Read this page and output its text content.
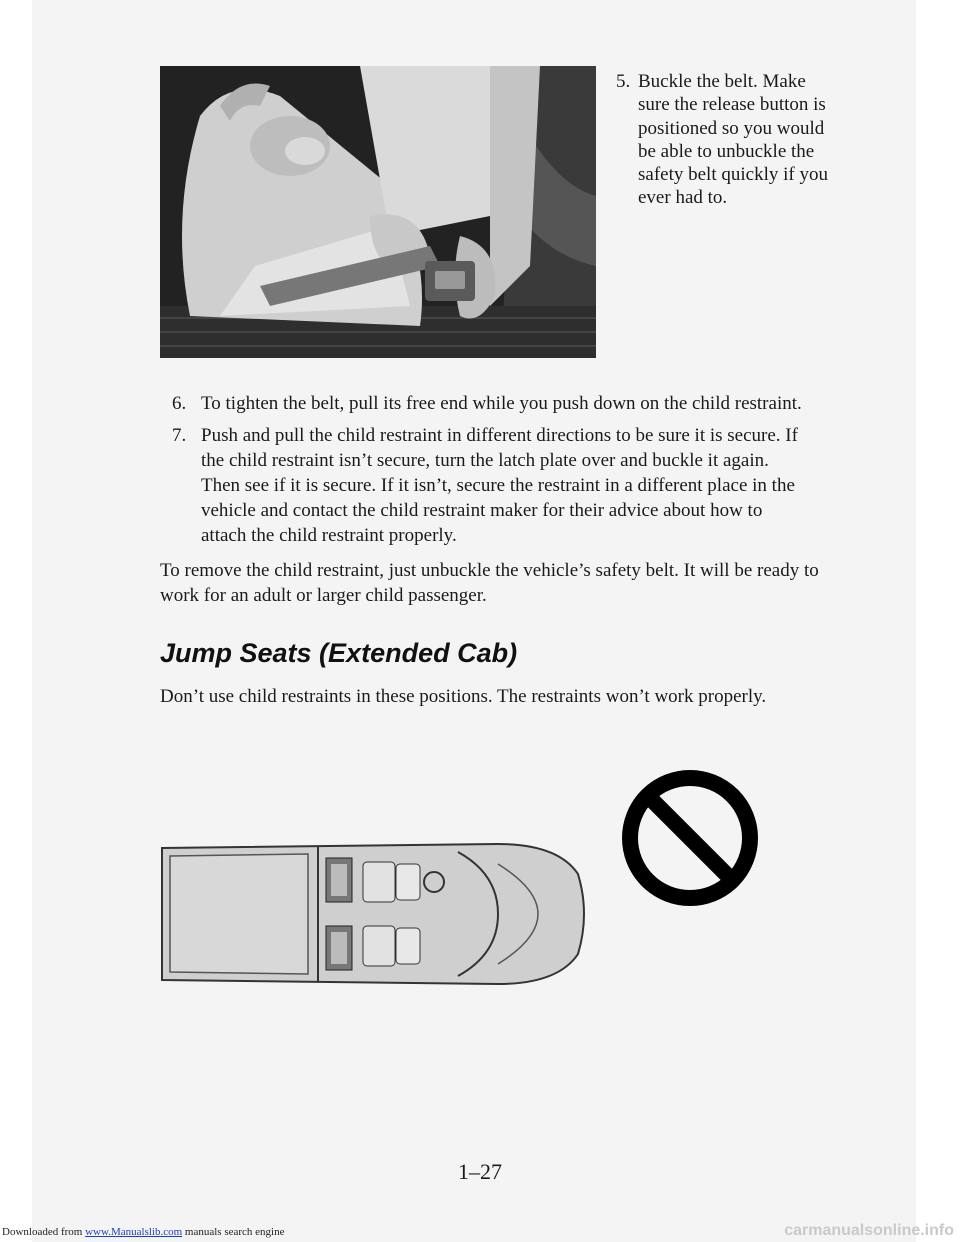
5. Buckle the belt. Make sure the release button is positioned so you would be able to unbuckle the safety belt quickly if you ever had to.
6. To tighten the belt, pull its free end while you push down on the child restraint.
7. Push and pull the child restraint in different directions to be sure it is secure. If the child restraint isn’t secure, turn the latch plate over and buckle it again. Then see if it is secure. If it isn’t, secure the restraint in a different place in the vehicle and contact the child restraint maker for their advice about how to attach the child restraint properly.
To remove the child restraint, just unbuckle the vehicle’s safety belt. It will be ready to work for an adult or larger child passenger.
Jump Seats (Extended Cab)
Don’t use child restraints in these positions. The restraints won’t work properly.
1–27
Downloaded from www.Manualslib.com manuals search engine	carmanualsonline.info
